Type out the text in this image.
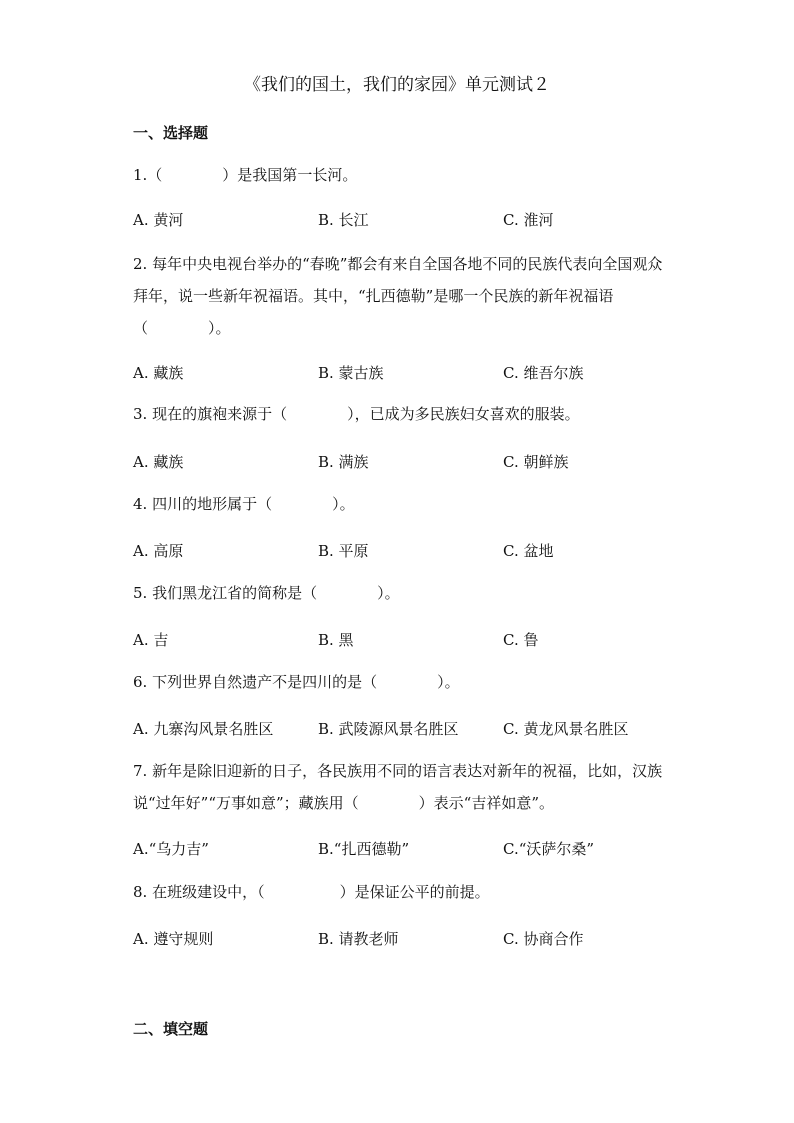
《我们的国土，我们的家园》单元测试２
一、选择题
1.（　　　　）是我国第一长河。
A. 黄河	B. 长江	C. 淮河
2. 每年中央电视台举办的“春晚”都会有来自全国各地不同的民族代表向全国观众拜年，说一些新年祝福语。其中，“扎西德勒”是哪一个民族的新年祝福语（　　　　）。
A. 藏族	B. 蒙古族	C. 维吾尔族
3. 现在的旗袍来源于（　　　　），已成为多民族妇女喜欢的服装。
A. 藏族	B. 满族	C. 朝鲜族
4. 四川的地形属于（　　　　）。
A. 高原	B. 平原	C. 盆地
5. 我们黑龙江省的简称是（　　　　）。
A. 吉	B. 黑	C. 鲁
6. 下列世界自然遗产不是四川的是（　　　　）。
A. 九寨沟风景名胜区	B. 武陵源风景名胜区	C. 黄龙风景名胜区
7. 新年是除旧迎新的日子，各民族用不同的语言表达对新年的祝福，比如，汉族说“过年好”“万事如意”；藏族用（　　　　）表示“吉祥如意”。
A.“乌力吉”	B.“扎西德勒”	C.“沃萨尔桑”
8. 在班级建设中，（　　　　　）是保证公平的前提。
A. 遵守规则	B. 请教老师	C. 协商合作
二、填空题
